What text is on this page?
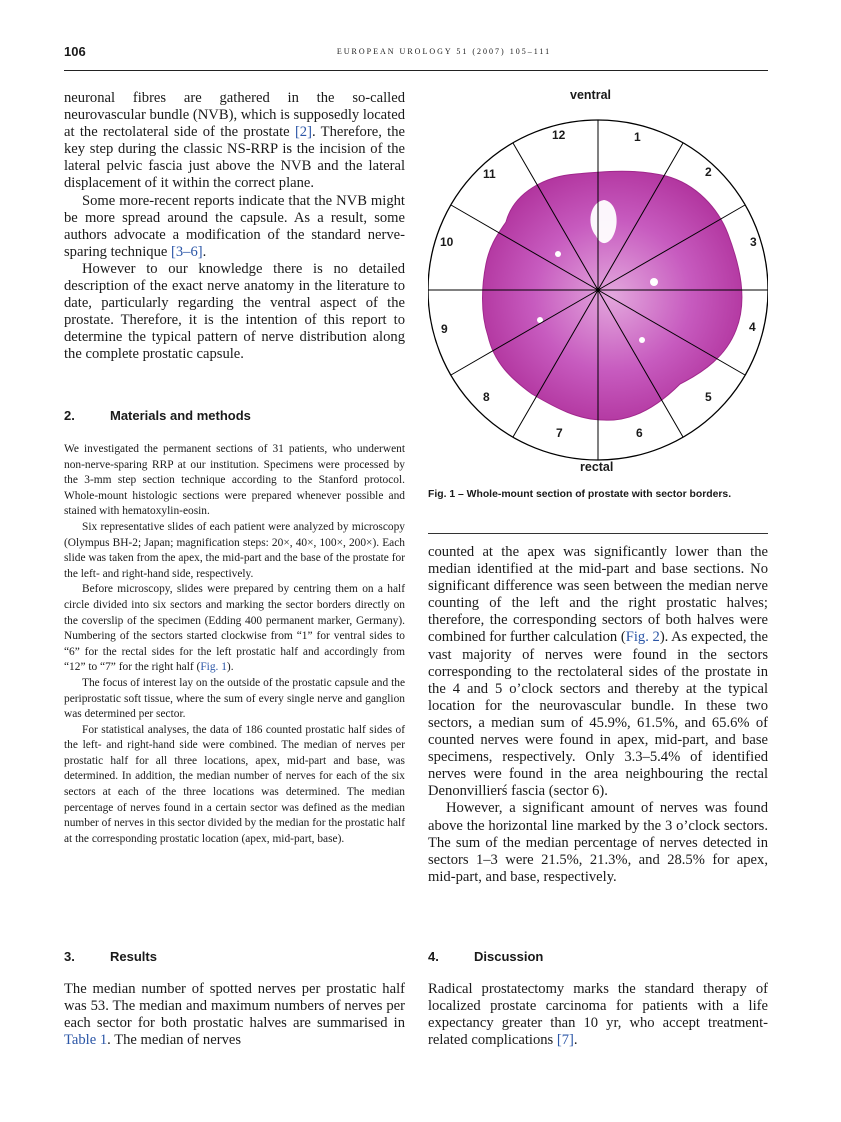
106	EUROPEAN UROLOGY 51 (2007) 105–111

neuronal fibres are gathered in the so-called neurovascular bundle (NVB), which is supposedly located at the rectolateral side of the prostate [2]. Therefore, the key step during the classic NS-RRP is the incision of the lateral pelvic fascia just above the NVB and the lateral displacement of it within the correct plane.

Some more-recent reports indicate that the NVB might be more spread around the capsule. As a result, some authors advocate a modification of the standard nerve-sparing technique [3–6].

However to our knowledge there is no detailed description of the exact nerve anatomy in the literature to date, particularly regarding the ventral aspect of the prostate. Therefore, it is the intention of this report to determine the typical pattern of nerve distribution along the complete prostatic capsule.

2.	Materials and methods

We investigated the permanent sections of 31 patients, who underwent non-nerve-sparing RRP at our institution. Specimens were processed by the 3-mm step section technique according to the Stanford protocol. Whole-mount histologic sections were prepared whenever possible and stained with hematoxylin-eosin.

Six representative slides of each patient were analyzed by microscopy (Olympus BH-2; Japan; magnification steps: 20×, 40×, 100×, 200×). Each slide was taken from the apex, the mid-part and the base of the prostate for the left- and right-hand side, respectively.

Before microscopy, slides were prepared by centring them on a half circle divided into six sectors and marking the sector borders directly on the coverslip of the specimen (Edding 400 permanent marker, Germany). Numbering of the sectors started clockwise from “1” for ventral sides to “6” for the rectal sides for the left prostatic half and accordingly from “12” to “7” for the right half (Fig. 1).

The focus of interest lay on the outside of the prostatic capsule and the periprostatic soft tissue, where the sum of every single nerve and ganglion was determined per sector.

For statistical analyses, the data of 186 counted prostatic half sides of the left- and right-hand side were combined. The median of nerves per prostatic half for all three locations, apex, mid-part and base, was determined. In addition, the median number of nerves for each of the six sectors at each of the three locations was determined. The median percentage of nerves found in a certain sector was defined as the median number of nerves in this sector divided by the median for the prostatic half at the corresponding prostatic location (apex, mid-part, base).

3.	Results

The median number of spotted nerves per prostatic half was 53. The median and maximum numbers of nerves per each sector for both prostatic halves are summarised in Table 1. The median of nerves

ventral
1
2
3
4
5
6
7
8
9
10
11
12
rectal
Fig. 1 – Whole-mount section of prostate with sector borders.

counted at the apex was significantly lower than the median identified at the mid-part and base sections. No significant difference was seen between the median nerve counting of the left and the right prostatic halves; therefore, the corresponding sectors of both halves were combined for further calculation (Fig. 2). As expected, the vast majority of nerves were found in the sectors corresponding to the rectolateral sides of the prostate in the 4 and 5 o’clock sectors and thereby at the typical location for the neurovascular bundle. In these two sectors, a median sum of 45.9%, 61.5%, and 65.6% of counted nerves were found in apex, mid-part, and base specimens, respectively. Only 3.3–5.4% of identified nerves were found in the area neighbouring the rectal Denonvillierś fascia (sector 6).

However, a significant amount of nerves was found above the horizontal line marked by the 3 o’clock sectors. The sum of the median percentage of nerves detected in sectors 1–3 were 21.5%, 21.3%, and 28.5% for apex, mid-part, and base, respectively.

4.	Discussion

Radical prostatectomy marks the standard therapy of localized prostate carcinoma for patients with a life expectancy greater than 10 yr, who accept treatment-related complications [7].
